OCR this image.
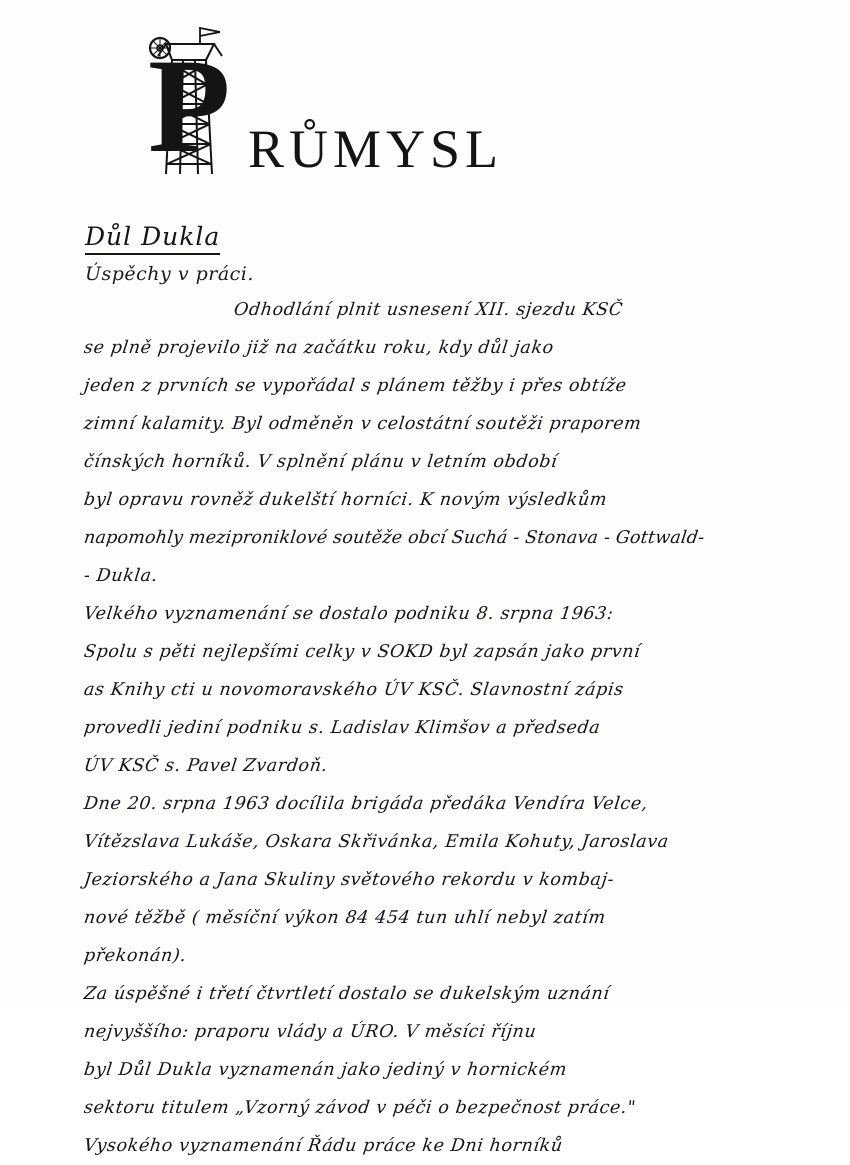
P RŮMYSL
Důl Dukla
Úspěchy v práci.
Odhodlání plnit usnesení XII. sjezdu KSČ
se plně projevilo již na začátku roku, kdy důl jako
jeden z prvních se vypořádal s plánem těžby i přes obtíže
zimní kalamity. Byl odměněn v celostátní soutěži praporem
čínských horníků. V splnění plánu v letním období
byl opravu rovněž dukelští horníci. K novým výsledkům
napomohly meziproniklové soutěže obcí Suchá - Stonava - Gottwald-
- Dukla.
Velkého vyznamenání se dostalo podniku 8. srpna 1963:
Spolu s pěti nejlepšími celky v SOKD byl zapsán jako první
as Knihy cti u novomoravského ÚV KSČ. Slavnostní zápis
provedli jediní podniku s. Ladislav Klimšov a předseda
ÚV KSČ s. Pavel Zvardoň.
Dne 20. srpna 1963 docílila brigáda předáka Vendíra Velce,
Vítězslava Lukáše, Oskara Skřivánka, Emila Kohuty, Jaroslava
Jeziorského a Jana Skuliny světového rekordu v kombaj-
nové těžbě ( měsíční výkon 84 454 tun uhlí nebyl zatím
překonán).
Za úspěšné i třetí čtvrtletí dostalo se dukelským uznání
nejvyššího: praporu vlády a ÚRO. V měsíci říjnu
byl Důl Dukla vyznamenán jako jediný v hornickém
sektoru titulem „Vzorný závod v péči o bezpečnost práce."
Vysokého vyznamenání Řádu práce ke Dni horníků
